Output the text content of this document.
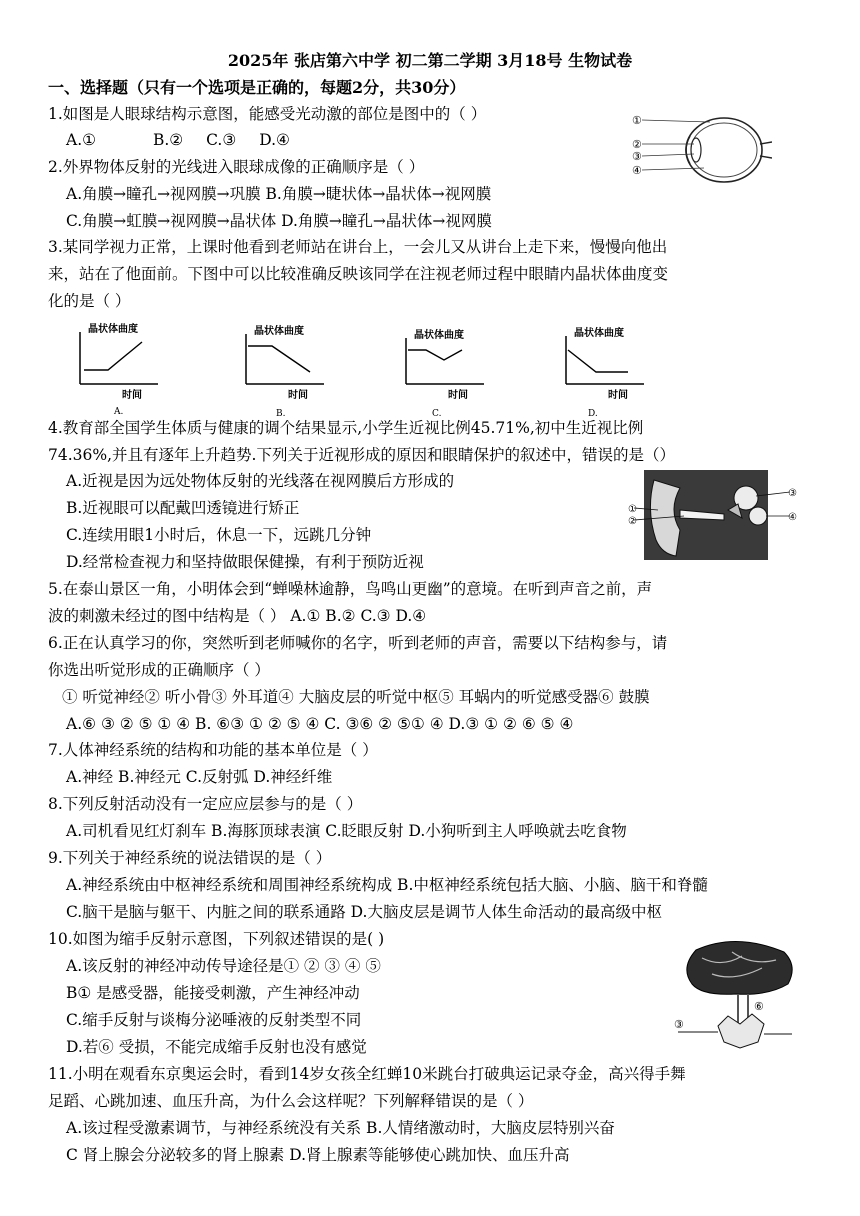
2025年 张店第六中学 初二第二学期 3月18号 生物试卷
一、选择题（只有一个选项是正确的，每题2分，共30分）
1.如图是人眼球结构示意图，能感受光动激的部位是图中的（ ）
A.①	B.② C.③ D.④
①
②
③
④
2.外界物体反射的光线进入眼球成像的正确顺序是（ ）
A.角膜→瞳孔→视网膜→巩膜 B.角膜→睫状体→晶状体→视网膜
C.角膜→虹膜→视网膜→晶状体 D.角膜→瞳孔→晶状体→视网膜
3.某同学视力正常，上课时他看到老师站在讲台上，一会儿又从讲台上走下来，慢慢向他出
来，站在了他面前。下图中可以比较准确反映该同学在注视老师过程中眼睛内晶状体曲度变
化的是（ ）
晶状体曲度
时间
A.
晶状体曲度
时间
B.
晶状体曲度
时间
C.
晶状体曲度
时间
D.
4.教育部全国学生体质与健康的调个结果显示,小学生近视比例45.71%,初中生近视比例
74.36%,并且有逐年上升趋势.下列关于近视形成的原因和眼睛保护的叙述中，错误的是（）
A.近视是因为远处物体反射的光线落在视网膜后方形成的
B.近视眼可以配戴凹透镜进行矫正
C.连续用眼1小时后，休息一下，远跳几分钟
D.经常检查视力和坚持做眼保健操，有利于预防近视
①
②
③
④
5.在泰山景区一角，小明体会到“蝉噪林逾静，鸟鸣山更幽”的意境。在听到声音之前，声
波的刺激未经过的图中结构是（ ） A.① B.② C.③ D.④
6.正在认真学习的你，突然听到老师喊你的名字，听到老师的声音，需要以下结构参与，请
你选出听觉形成的正确顺序（ ）
① 听觉神经② 听小骨③ 外耳道④ 大脑皮层的听觉中枢⑤ 耳蜗内的听觉感受器⑥ 鼓膜
A.⑥ ③ ② ⑤ ① ④ B. ⑥③ ① ② ⑤ ④ C. ③⑥ ② ⑤① ④ D.③ ① ② ⑥ ⑤ ④
7.人体神经系统的结构和功能的基本单位是（ ）
A.神经 B.神经元 C.反射弧 D.神经纤维
8.下列反射活动没有一定应应层参与的是（ ）
A.司机看见红灯刹车 B.海豚顶球表演 C.眨眼反射 D.小狗听到主人呼唤就去吃食物
9.下列关于神经系统的说法错误的是（ ）
A.神经系统由中枢神经系统和周围神经系统构成 B.中枢神经系统包括大脑、小脑、脑干和脊髓
C.脑干是脑与躯干、内脏之间的联系通路 D.大脑皮层是调节人体生命活动的最高级中枢
10.如图为缩手反射示意图，下列叙述错误的是( )
A.该反射的神经冲动传导途径是① ② ③ ④ ⑤
B① 是感受器，能接受刺激，产生神经冲动
C.缩手反射与谈梅分泌唾液的反射类型不同
D.若⑥ 受损，不能完成缩手反射也没有感觉
⑥
③
11.小明在观看东京奥运会时，看到14岁女孩全红蝉10米跳台打破典运记录夺金，高兴得手舞
足蹈、心跳加速、血压升高，为什么会这样呢？下列解释错误的是（ ）
A.该过程受激素调节，与神经系统没有关系 B.人情绪激动时，大脑皮层特别兴奋
C 肾上腺会分泌较多的肾上腺素 D.肾上腺素等能够使心跳加快、血压升高
